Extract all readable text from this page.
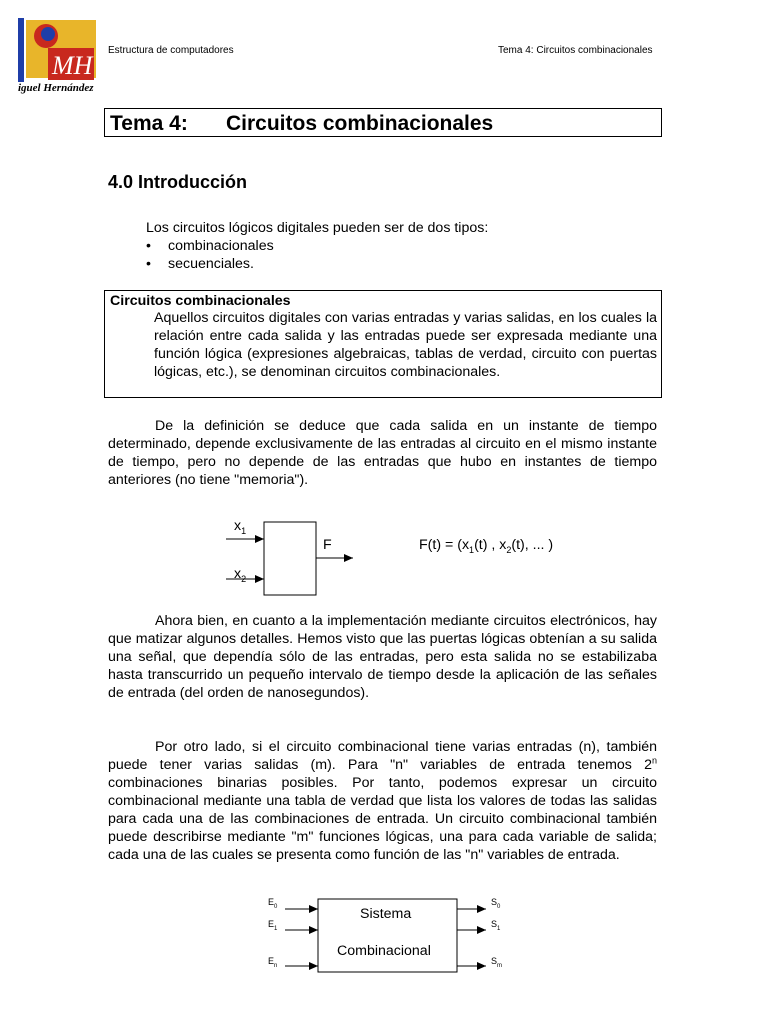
MH
iguel Hernández
Estructura de computadores	Tema 4: Circuitos combinacionales
Tema 4: Circuitos combinacionales
4.0 Introducción
Los circuitos lógicos digitales pueden ser de dos tipos:
• combinacionales
• secuenciales.
Circuitos combinacionales
Aquellos circuitos digitales con varias entradas y varias salidas, en los cuales la relación entre cada salida y las entradas puede ser expresada mediante una función lógica (expresiones algebraicas, tablas de verdad, circuito con puertas lógicas, etc.), se denominan circuitos combinacionales.
De la definición se deduce que cada salida en un instante de tiempodeterminado, depende exclusivamente de las entradas al circuito en el mismo instante de tiempo, pero no depende de las entradas que hubo en instantes de tiempo anteriores (no tiene "memoria").
$x_1$
$x_2$
F	$F(t) = (x_1(t)$ , $x_2(t)$, ... )
Ahora bien, en cuanto a la implementación mediante circuitos electrónicos, hay que matizar algunos detalles. Hemos visto que las puertas lógicas obtenían a su salida una señal, que dependía sólo de las entradas, pero esta salida no se estabilizaba hasta transcurrido un pequeño intervalo de tiempo desde la aplicación de las señales de entrada (del orden de nanosegundos).
Por otro lado, si el circuito combinacional tiene varias entradas (n), también puede tener varias salidas (m). Para "n" variables de entrada tenemos 2$^n$ combinaciones binarias posibles. Por tanto, podemos expresar un circuitocombinacional mediante una tabla de verdad que lista los valores de todas las salidas para cada una de las combinaciones de entrada. Un circuito combinacional también puede describirse mediante "m" funciones lógicas, una para cada variable de salida; cada una de las cuales se presenta como función de las "n" variables de entrada.
Sistema
Combinacional
$E_0$
$E_1$
$E_n$
$S_0$
$S_1$
$S_m$
